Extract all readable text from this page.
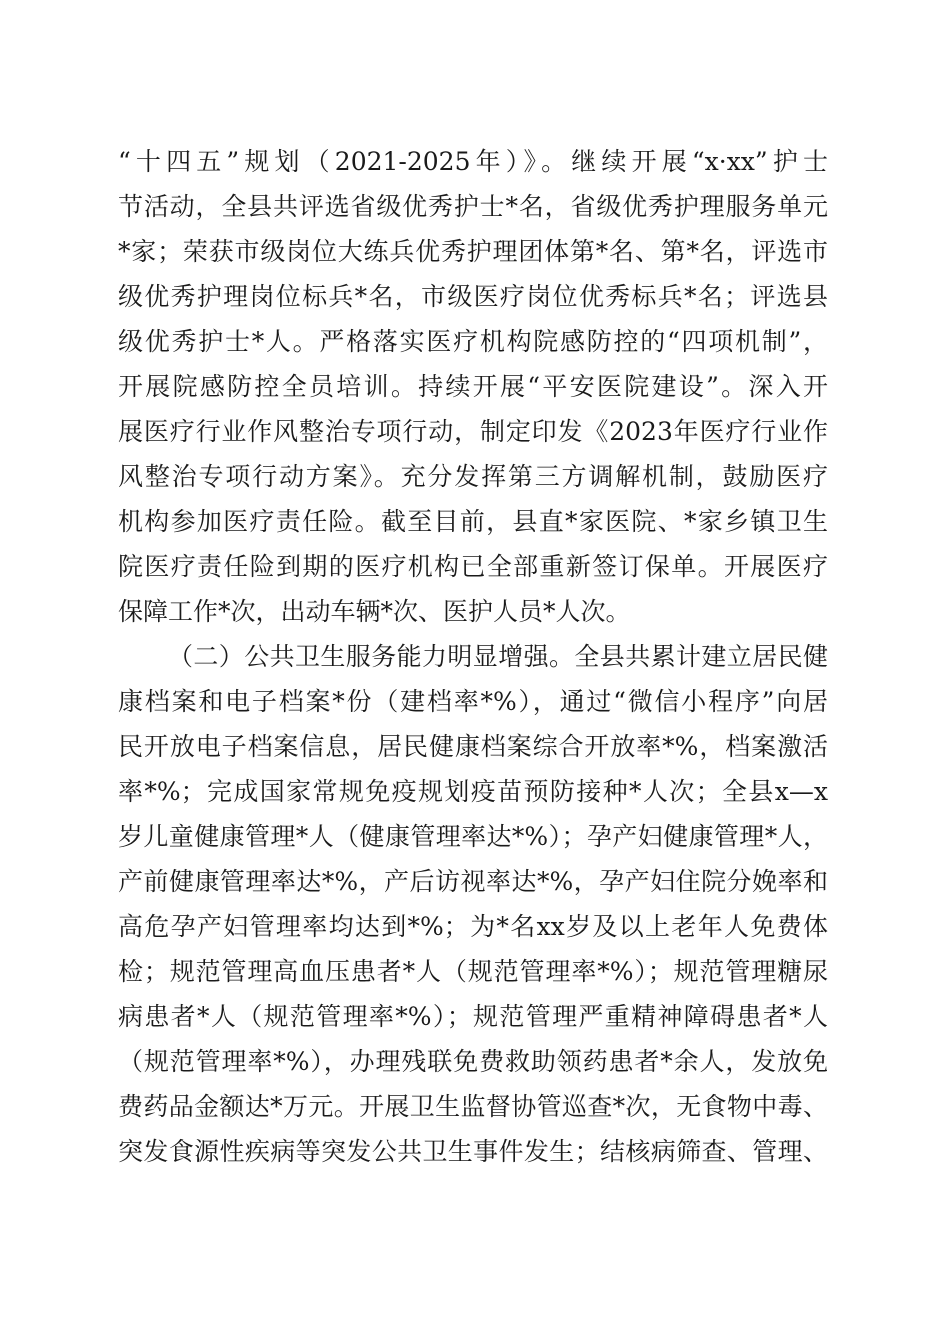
“十四五”规划（2021-2025年）》。继续开展“x·xx”护士
节活动，全县共评选省级优秀护士*名，省级优秀护理服务单元
*家；荣获市级岗位大练兵优秀护理团体第*名、第*名，评选市
级优秀护理岗位标兵*名，市级医疗岗位优秀标兵*名；评选县
级优秀护士*人。严格落实医疗机构院感防控的“四项机制”，
开展院感防控全员培训。持续开展“平安医院建设”。深入开
展医疗行业作风整治专项行动，制定印发《2023年医疗行业作
风整治专项行动方案》。充分发挥第三方调解机制，鼓励医疗
机构参加医疗责任险。截至目前，县直*家医院、*家乡镇卫生
院医疗责任险到期的医疗机构已全部重新签订保单。开展医疗
保障工作*次，出动车辆*次、医护人员*人次。
（二）公共卫生服务能力明显增强。全县共累计建立居民健
康档案和电子档案*份（建档率*%），通过“微信小程序”向居
民开放电子档案信息，居民健康档案综合开放率*%，档案激活
率*%；完成国家常规免疫规划疫苗预防接种*人次；全县x—x
岁儿童健康管理*人（健康管理率达*%）；孕产妇健康管理*人，
产前健康管理率达*%，产后访视率达*%，孕产妇住院分娩率和
高危孕产妇管理率均达到*%；为*名xx岁及以上老年人免费体
检；规范管理高血压患者*人（规范管理率*%）；规范管理糖尿
病患者*人（规范管理率*%）；规范管理严重精神障碍患者*人
（规范管理率*%），办理残联免费救助领药患者*余人，发放免
费药品金额达*万元。开展卫生监督协管巡查*次，无食物中毒、
突发食源性疾病等突发公共卫生事件发生；结核病筛查、管理、
